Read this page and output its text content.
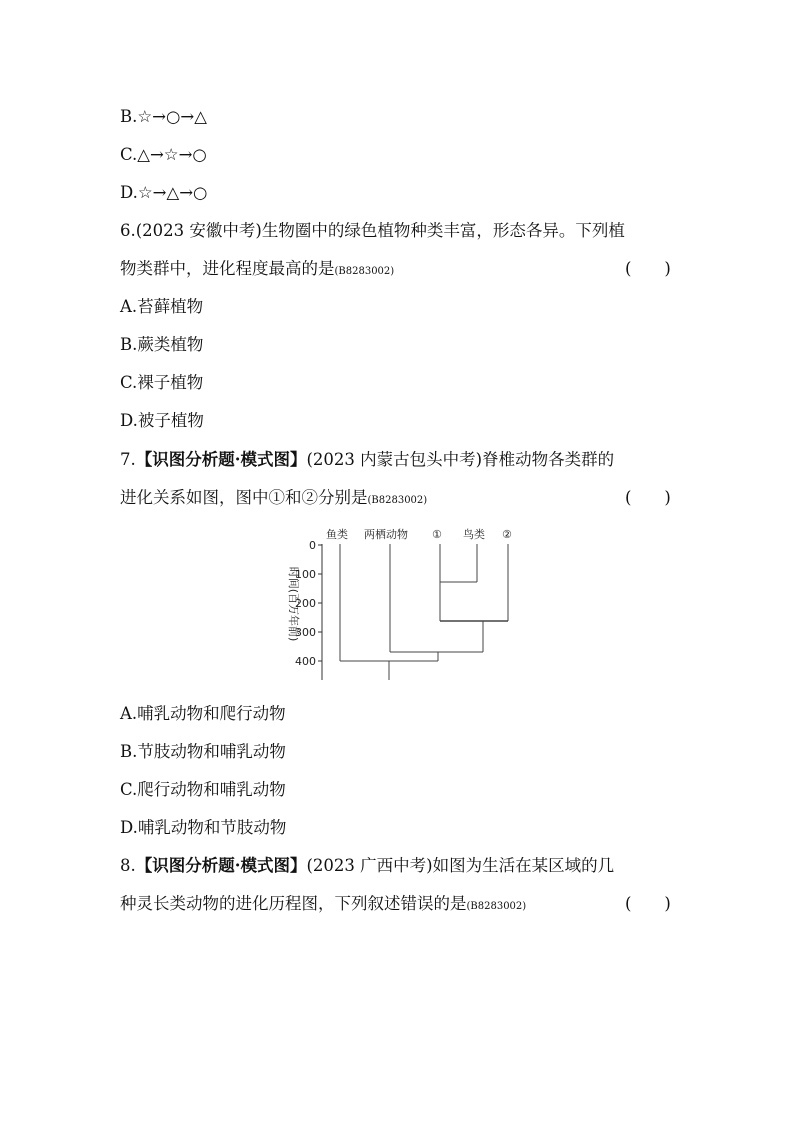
B.☆→○→△
C.△→☆→○
D.☆→△→○
6.(2023 安徽中考)生物圈中的绿色植物种类丰富，形态各异。下列植
物类群中，进化程度最高的是(B8283002)	(　　)
A.苔藓植物
B.蕨类植物
C.裸子植物
D.被子植物
7.【识图分析题·模式图】(2023 内蒙古包头中考)脊椎动物各类群的
进化关系如图，图中①和②分别是(B8283002)	(　　)
鱼类 两栖动物 ① 鸟类 ②
0
100
200
300
400
时间(百万年前)
A.哺乳动物和爬行动物
B.节肢动物和哺乳动物
C.爬行动物和哺乳动物
D.哺乳动物和节肢动物
8.【识图分析题·模式图】(2023 广西中考)如图为生活在某区域的几
种灵长类动物的进化历程图，下列叙述错误的是(B8283002)	(　　)
